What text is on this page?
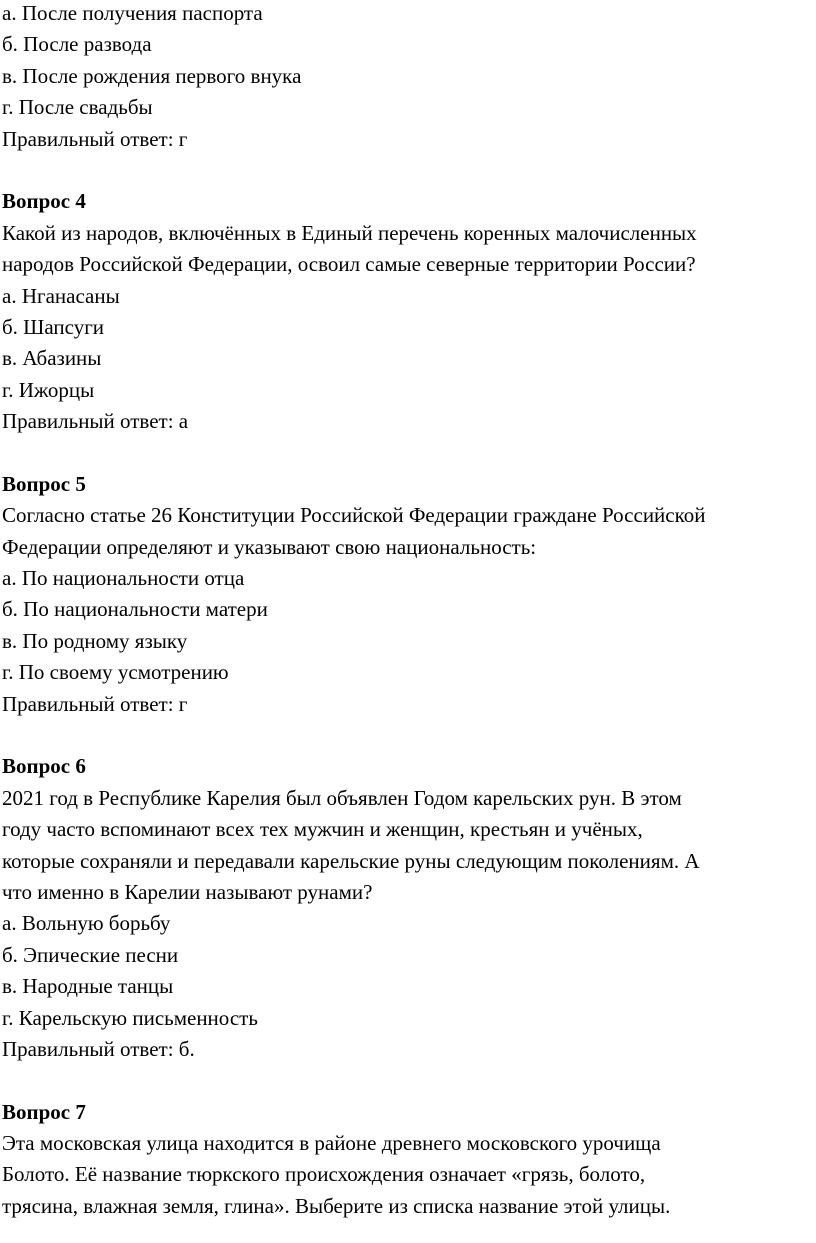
а. После получения паспорта
б. После развода
в. После рождения первого внука
г. После свадьбы
Правильный ответ: г
Вопрос 4
Какой из народов, включённых в Единый перечень коренных малочисленных
народов Российской Федерации, освоил самые северные территории России?
а. Нганасаны
б. Шапсуги
в. Абазины
г. Ижорцы
Правильный ответ: а
Вопрос 5
Согласно статье 26 Конституции Российской Федерации граждане Российской
Федерации определяют и указывают свою национальность:
а. По национальности отца
б. По национальности матери
в. По родному языку
г. По своему усмотрению
Правильный ответ: г
Вопрос 6
2021 год в Республике Карелия был объявлен Годом карельских рун. В этом
году часто вспоминают всех тех мужчин и женщин, крестьян и учёных,
которые сохраняли и передавали карельские руны следующим поколениям. А
что именно в Карелии называют рунами?
а. Вольную борьбу
б. Эпические песни
в. Народные танцы
г. Карельскую письменность
Правильный ответ: б.
Вопрос 7
Эта московская улица находится в районе древнего московского урочища
Болото. Её название тюркского происхождения означает «грязь, болото,
трясина, влажная земля, глина». Выберите из списка название этой улицы.
